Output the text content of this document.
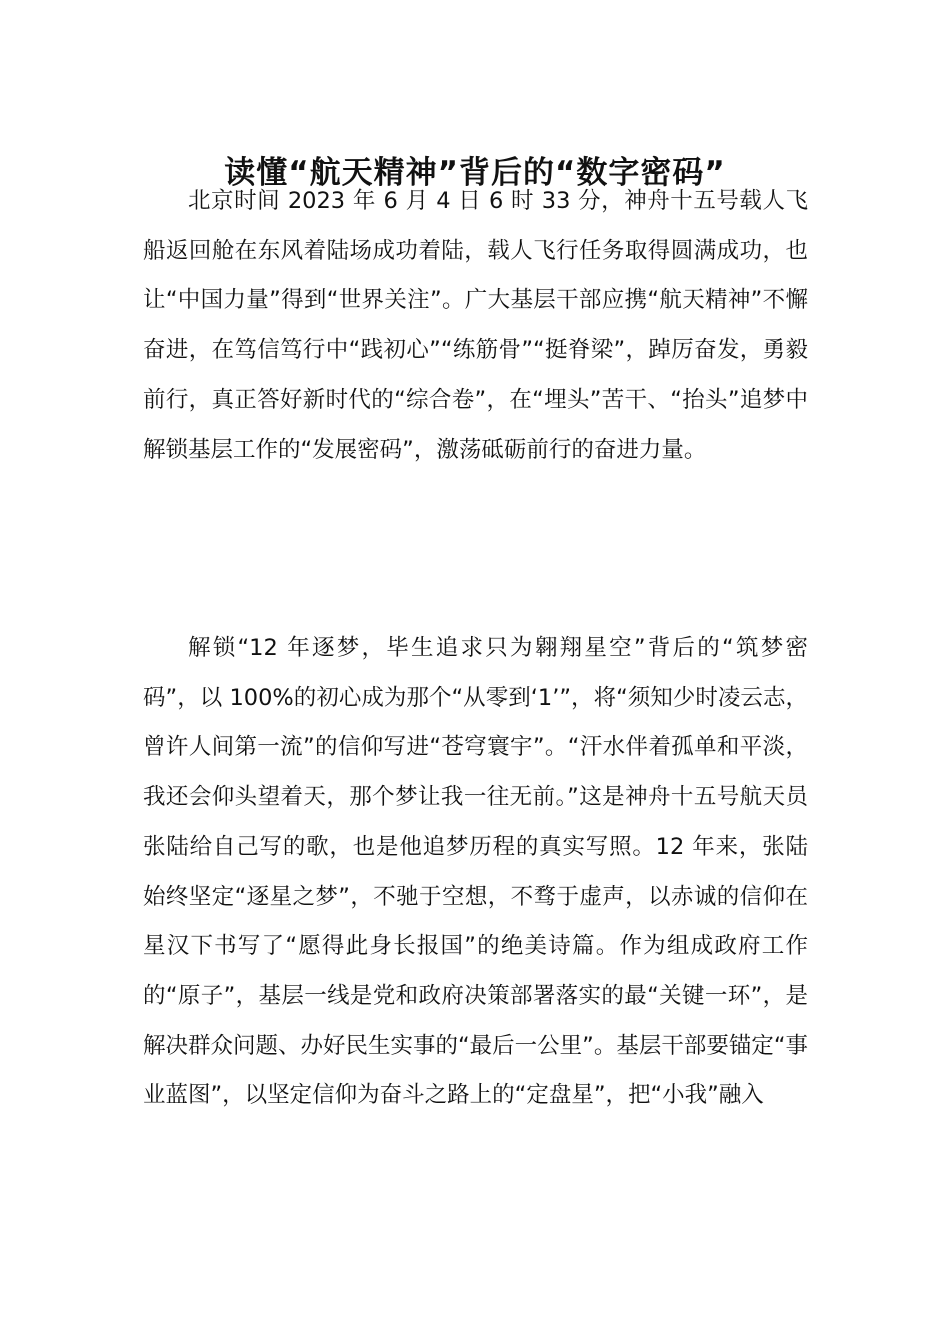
读懂“航天精神”背后的“数字密码”

北京时间 2023 年 6 月 4 日 6 时 33 分，神舟十五号载人飞船返回舱在东风着陆场成功着陆，载人飞行任务取得圆满成功，也让“中国力量”得到“世界关注”。广大基层干部应携“航天精神”不懈奋进，在笃信笃行中“践初心”“练筋骨”“挺脊梁”，踔厉奋发，勇毅前行，真正答好新时代的“综合卷”，在“埋头”苦干、“抬头”追梦中解锁基层工作的“发展密码”，激荡砥砺前行的奋进力量。

解锁“12 年逐梦，毕生追求只为翱翔星空”背后的“筑梦密码”，以 100%的初心成为那个“从零到‘1’”，将“须知少时凌云志，曾许人间第一流”的信仰写进“苍穹寰宇”。“汗水伴着孤单和平淡，我还会仰头望着天，那个梦让我一往无前。”这是神舟十五号航天员张陆给自己写的歌，也是他追梦历程的真实写照。12 年来，张陆始终坚定“逐星之梦”，不驰于空想，不骛于虚声，以赤诚的信仰在星汉下书写了“愿得此身长报国”的绝美诗篇。作为组成政府工作的“原子”，基层一线是党和政府决策部署落实的最“关键一环”，是解决群众问题、办好民生实事的“最后一公里”。基层干部要锚定“事业蓝图”，以坚定信仰为奋斗之路上的“定盘星”，把“小我”融入
